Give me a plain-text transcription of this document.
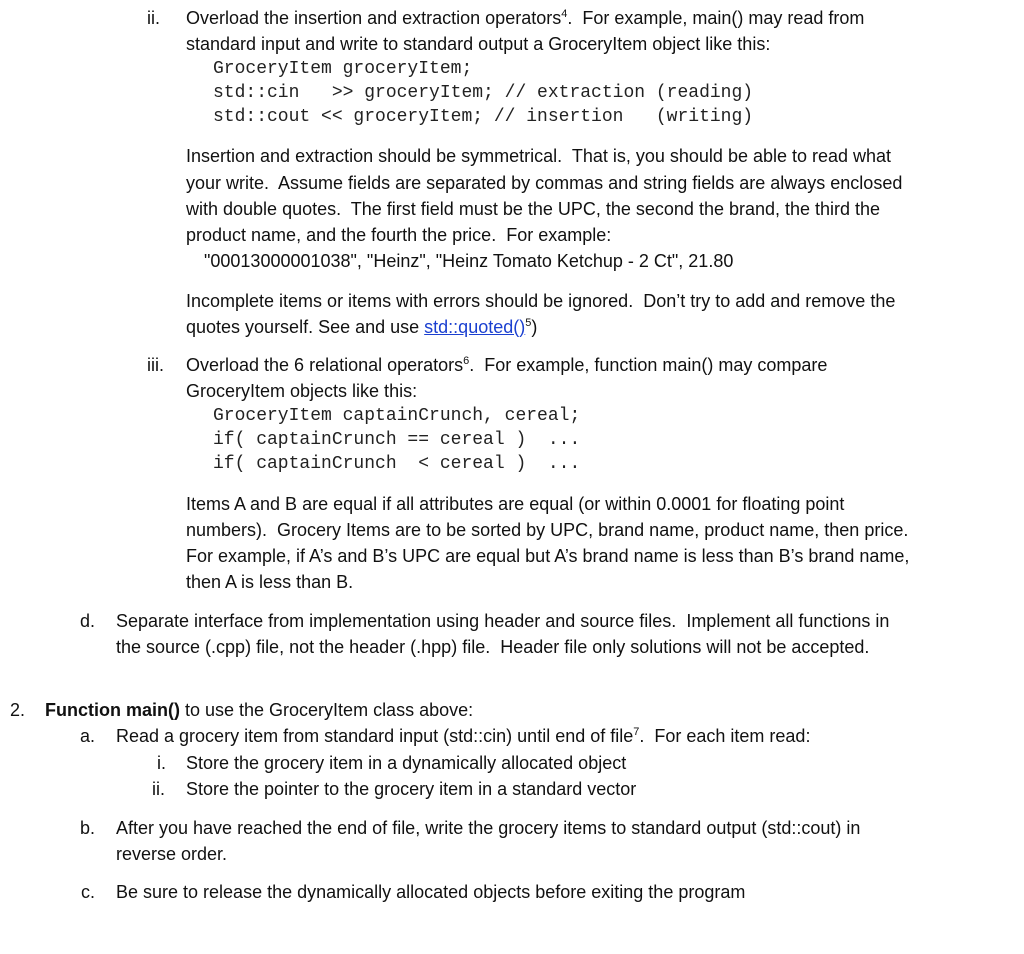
ii. Overload the insertion and extraction operators$^4$.  For example, main() may read from
standard input and write to standard output a GroceryItem object like this:
GroceryItem groceryItem;
std::cin   >> groceryItem; // extraction (reading)
std::cout << groceryItem; // insertion   (writing)
Insertion and extraction should be symmetrical.  That is, you should be able to read what
your write.  Assume fields are separated by commas and string fields are always enclosed
with double quotes.  The first field must be the UPC, the second the brand, the third the
product name, and the fourth the price.  For example:
"00013000001038", "Heinz", "Heinz Tomato Ketchup - 2 Ct", 21.80
Incomplete items or items with errors should be ignored.  Don’t try to add and remove the
quotes yourself. See and use std::quoted()$^5$)
iii. Overload the 6 relational operators$^6$.  For example, function main() may compare
GroceryItem objects like this:
GroceryItem captainCrunch, cereal;
if( captainCrunch == cereal )  ...
if( captainCrunch  < cereal )  ...
Items A and B are equal if all attributes are equal (or within 0.0001 for floating point
numbers).  Grocery Items are to be sorted by UPC, brand name, product name, then price.
For example, if A’s and B’s UPC are equal but A’s brand name is less than B’s brand name,
then A is less than B.
d. Separate interface from implementation using header and source files.  Implement all functions in
the source (.cpp) file, not the header (.hpp) file.  Header file only solutions will not be accepted.
2. Function main() to use the GroceryItem class above:
a. Read a grocery item from standard input (std::cin) until end of file$^7$.  For each item read:
i. Store the grocery item in a dynamically allocated object
ii. Store the pointer to the grocery item in a standard vector
b. After you have reached the end of file, write the grocery items to standard output (std::cout) in
reverse order.
c. Be sure to release the dynamically allocated objects before exiting the program
